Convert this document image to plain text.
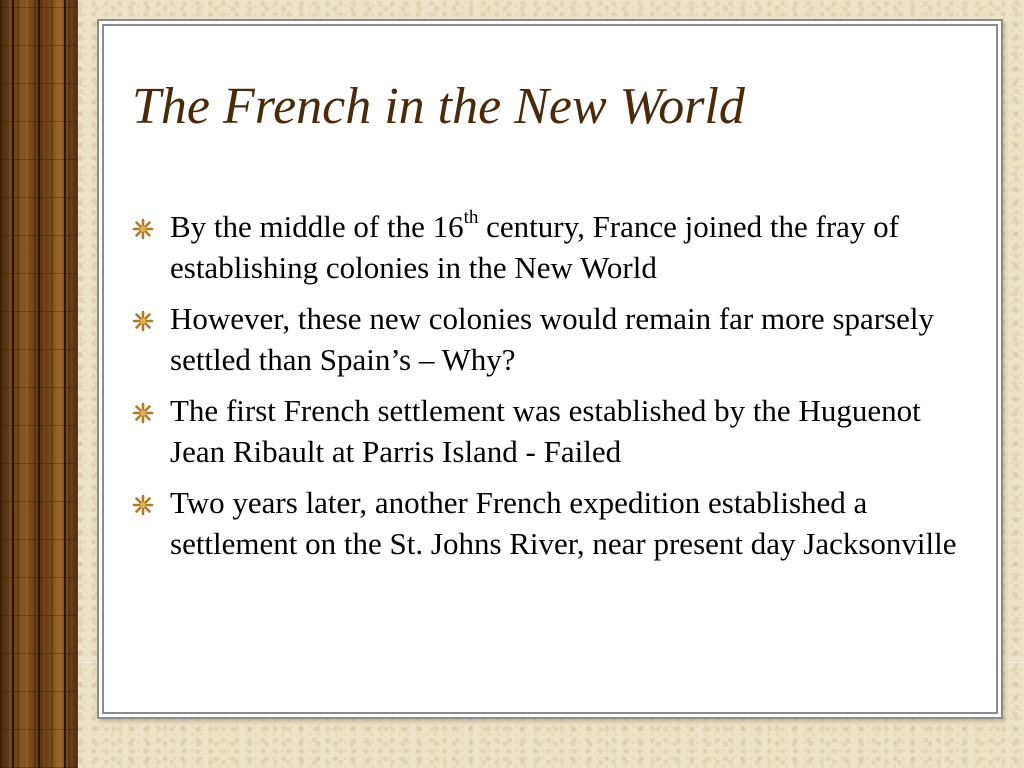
The French in the New World
By the middle of the 16th century, France joined the fray of establishing colonies in the New World
However, these new colonies would remain far more sparsely settled than Spain’s – Why?
The first French settlement was established by the Huguenot Jean Ribault at Parris Island - Failed
Two years later, another French expedition established a settlement on the St. Johns River, near present day Jacksonville
